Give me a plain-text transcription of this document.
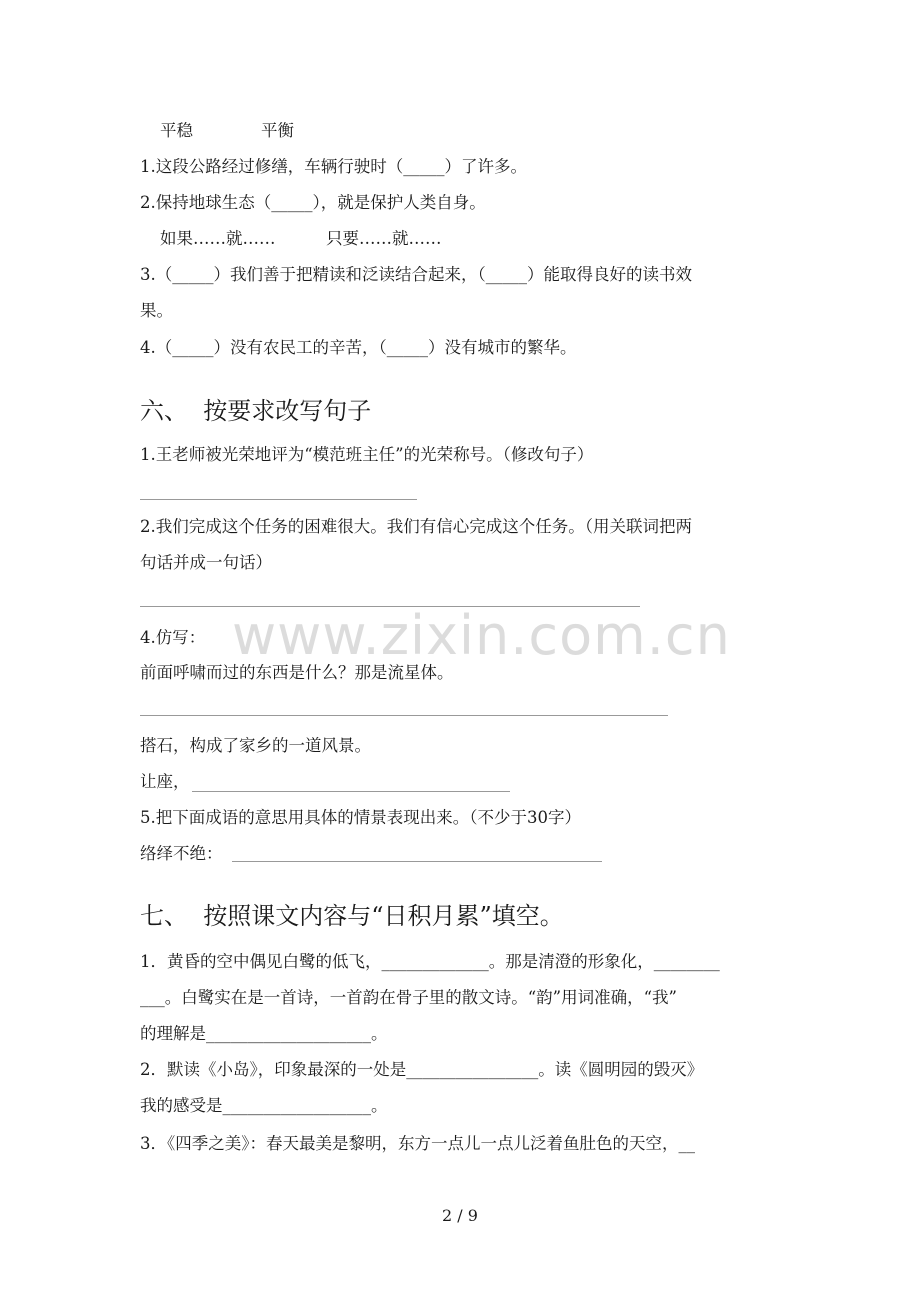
平稳	平衡
1.这段公路经过修缮，车辆行驶时（_____）了许多。
2.保持地球生态（_____），就是保护人类自身。
如果……就……	只要……就……
3.（_____）我们善于把精读和泛读结合起来，（_____）能取得良好的读书效
果。
4.（_____）没有农民工的辛苦，（_____）没有城市的繁华。
六、  按要求改写句子
1.王老师被光荣地评为“模范班主任”的光荣称号。（修改句子）
2.我们完成这个任务的困难很大。我们有信心完成这个任务。（用关联词把两
句话并成一句话）
www.zixin.com.cn
4.仿写：
前面呼啸而过的东西是什么？那是流星体。
搭石，构成了家乡的一道风景。
让座，
5.把下面成语的意思用具体的情景表现出来。（不少于30字）
络绎不绝：
七、  按照课文内容与“日积月累”填空。
1．黄昏的空中偶见白鹭的低飞，_____________。那是清澄的形象化，________
___。白鹭实在是一首诗，一首韵在骨子里的散文诗。“韵”用词准确，“我”
的理解是____________________。
2．默读《小岛》，印象最深的一处是________________。读《圆明园的毁灭》
我的感受是__________________。
3．《四季之美》：春天最美是黎明，东方一点儿一点儿泛着鱼肚色的天空，__
2 / 9
